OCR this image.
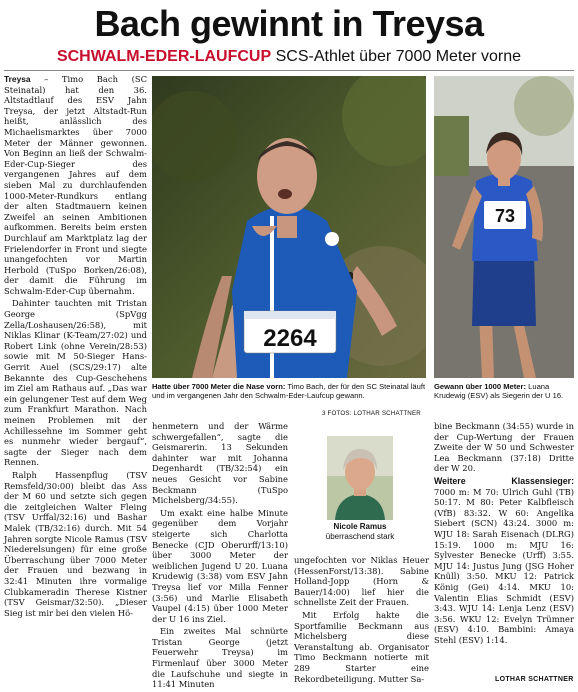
Bach gewinnt in Treysa
SCHWALM-EDER-LAUFCUP SCS-Athlet über 7000 Meter vorne

Treysa – Timo Bach (SC Steinatal) hat den 36. Altstadtlauf des ESV Jahn Treysa, der jetzt Altstadt-Run heißt, anlässlich des Michaelismarktes über 7000 Meter der Männer gewonnen. Von Beginn an ließ der Schwalm-Eder-Cup-Sieger des vergangenen Jahres auf dem sieben Mal zu durchlaufenden 1000-Meter-Rundkurs entlang der alten Stadtmauern keinen Zweifel an seinen Ambitionen aufkommen. Bereits beim ersten Durchlauf am Marktplatz lag der Frielendorfer in Front und siegte unangefochten vor Martin Herbold (TuSpo Borken/26:08), der damit die Führung im Schwalm-Eder-Cup übernahm.

Dahinter tauchten mit Tristan George (SpVgg Zella/Loshausen/26:58), mit Niklas Klinar (K-Team/27:02) und Robert Link (ohne Verein/28:53) sowie mit M 50-Sieger Hans-Gerrit Auel (SCS/29:17) alte Bekannte des Cup-Geschehens im Ziel am Rathaus auf. „Das war ein gelungener Test auf dem Weg zum Frankfurt Marathon. Nach meinen Problemen mit der Achillessehne im Sommer geht es nunmehr wieder bergauf“, sagte der Sieger nach dem Rennen.

Ralph Hassenpflug (TSV Remsfeld/30:00) bleibt das Ass der M 60 und setzte sich gegen die zeitgleichen Walter Fleing (TSV Urffal/32:16) und Bashar Malek (TB/32:16) durch. Mit 54 Jahren sorgte Nicole Ramus (TSV Niederelsungen) für eine große Überraschung über 7000 Meter der Frauen und bezwang in 32:41 Minuten ihre vormalige Clubkameradin Therese Kistner (TSV Geismar/32:50). „Dieser Sieg ist mir bei den vielen Hö-

2264
73
Hatte über 7000 Meter die Nase vorn: Timo Bach, der für den SC Steinatal läuft und im vergangenen Jahr den Schwalm-Eder-Laufcup gewann.
3 FOTOS: LOTHAR SCHATTNER
Gewann über 1000 Meter: Luana Krudewig (ESV) als Siegerin der U 16.

henmetern und der Wärme schwergefallen“, sagte die Geismarerin. 13 Sekunden dahinter war mit Johanna Degenhardt (TB/32:54) ein neues Gesicht vor Sabine Beckmann (TuSpo Michelsberg/34:55).

Um exakt eine halbe Minute gegenüber dem Vorjahr steigerte sich Charlotta Benecke (CJD Oberurff/13:10) über 3000 Meter der weiblichen Jugend U 20. Luana Krudewig (3:38) vom ESV Jahn Treysa lief vor Milla Fenner (3:56) und Marlie Elisabeth Vaupel (4:15) über 1000 Meter der U 16 ins Ziel.

Ein zweites Mal schnürte Tristan George (jetzt Feuerwehr Treysa) im Firmenlauf über 3000 Meter die Laufschuhe und siegte in 11:41 Minuten

Nicole Ramus
überraschend stark

ungefochten vor Niklas Heuer (HessenForst/13:38). Sabine Holland-Jopp (Horn & Bauer/14:00) lief hier die schnellste Zeit der Frauen.

Mit Erfolg hakte die Sportfamilie Beckmann aus Michelsberg diese Veranstaltung ab. Organisator Timo Beckmann notierte mit 289 Starter eine Rekordbeteiligung. Mutter Sa-

bine Beckmann (34:55) wurde in der Cup-Wertung der Frauen Zweite der W 50 und Schwester Lea Beckmann (37:18) Dritte der W 20.

Weitere Klassensieger:

7000 m: M 70: Ulrich Guhl (TB) 50:17. M 80: Peter Kalbfleisch (VfB) 83:32. W 60: Angelika Siebert (SCN) 43:24. 3000 m: WJU 18: Sarah Eisenach (DLRG) 15:19. 1000 m: MJU 16: Sylvester Benecke (Urff) 3:55. MJU 14: Justus Jung (JSG Hoher Knüll) 3:50. MKU 12: Patrick König (Gei) 4:14. MKU 10: Valentin Elias Schmidt (ESV) 3:43. WJU 14: Lenja Lenz (ESV) 3:56. WKU 12: Evelyn Trümner (ESV) 4:10. Bambini: Amaya Stehl (ESV) 1:14.

LOTHAR SCHATTNER
